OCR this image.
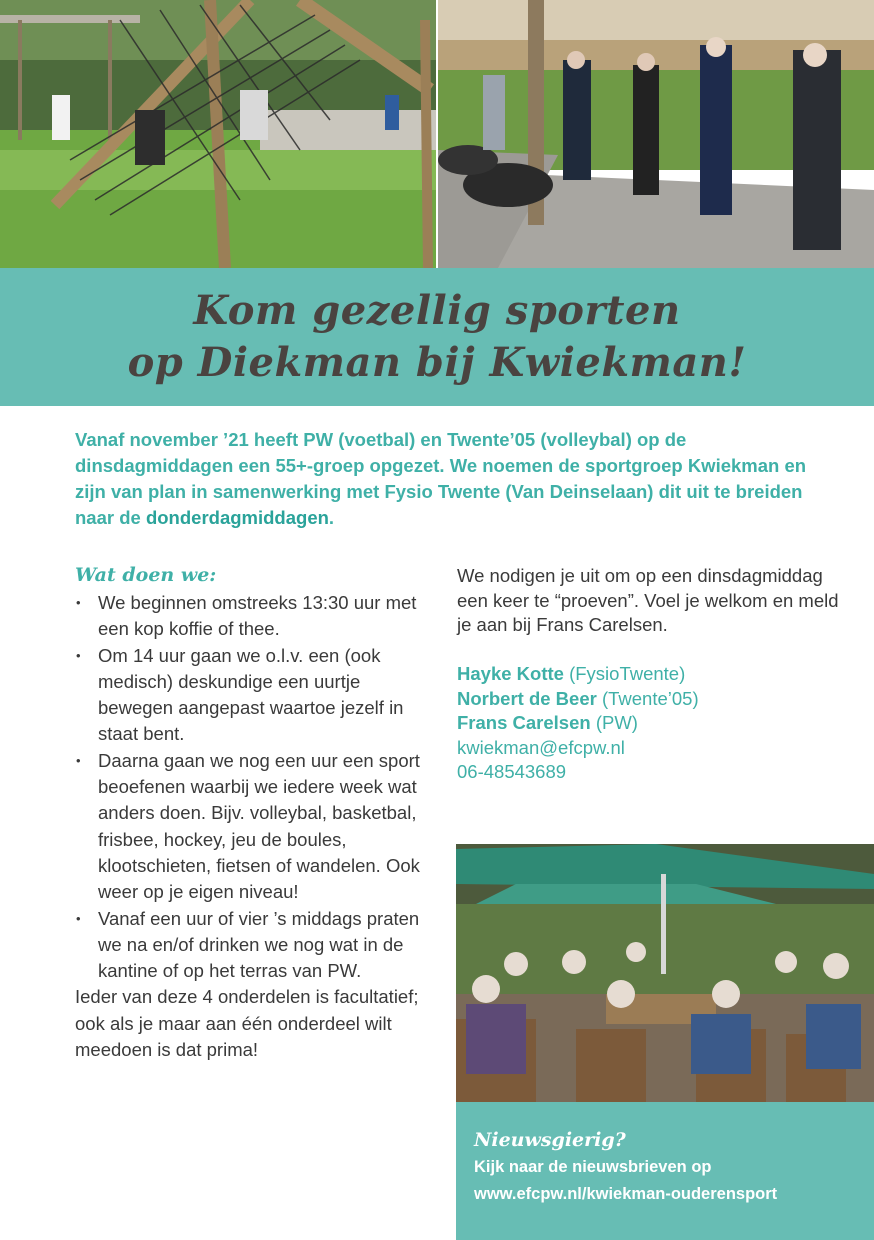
Kom gezellig sporten
op Diekman bij Kwiekman!
Vanaf november ’21 heeft PW (voetbal) en Twente’05 (volleybal) op de dinsdagmiddagen een 55+-groep opgezet. We noemen de sportgroep Kwiekman en zijn van plan in samenwerking met Fysio Twente (Van Deinselaan) dit uit te breiden naar de donderdagmiddagen.
Wat doen we:
• We beginnen omstreeks 13:30 uur met een kop koffie of thee.
• Om 14 uur gaan we o.l.v. een (ook medisch) deskundige een uurtje bewegen aangepast waartoe jezelf in staat bent.
• Daarna gaan we nog een uur een sport beoefenen waarbij we iedere week wat anders doen. Bijv. volleybal, basketbal, frisbee, hockey, jeu de boules, klootschieten, fietsen of wandelen. Ook weer op je eigen niveau!
• Vanaf een uur of vier ’s middags praten we na en/of drinken we nog wat in de kantine of op het terras van PW.
Ieder van deze 4 onderdelen is facultatief; ook als je maar aan één onderdeel wilt meedoen is dat prima!
We nodigen je uit om op een dinsdagmiddag een keer te “proeven”. Voel je welkom en meld je aan bij Frans Carelsen.
Hayke Kotte (FysioTwente)
Norbert de Beer (Twente’05)
Frans Carelsen (PW)
kwiekman@efcpw.nl
06-48543689
Nieuwsgierig?
Kijk naar de nieuwsbrieven op
www.efcpw.nl/kwiekman-ouderensport
